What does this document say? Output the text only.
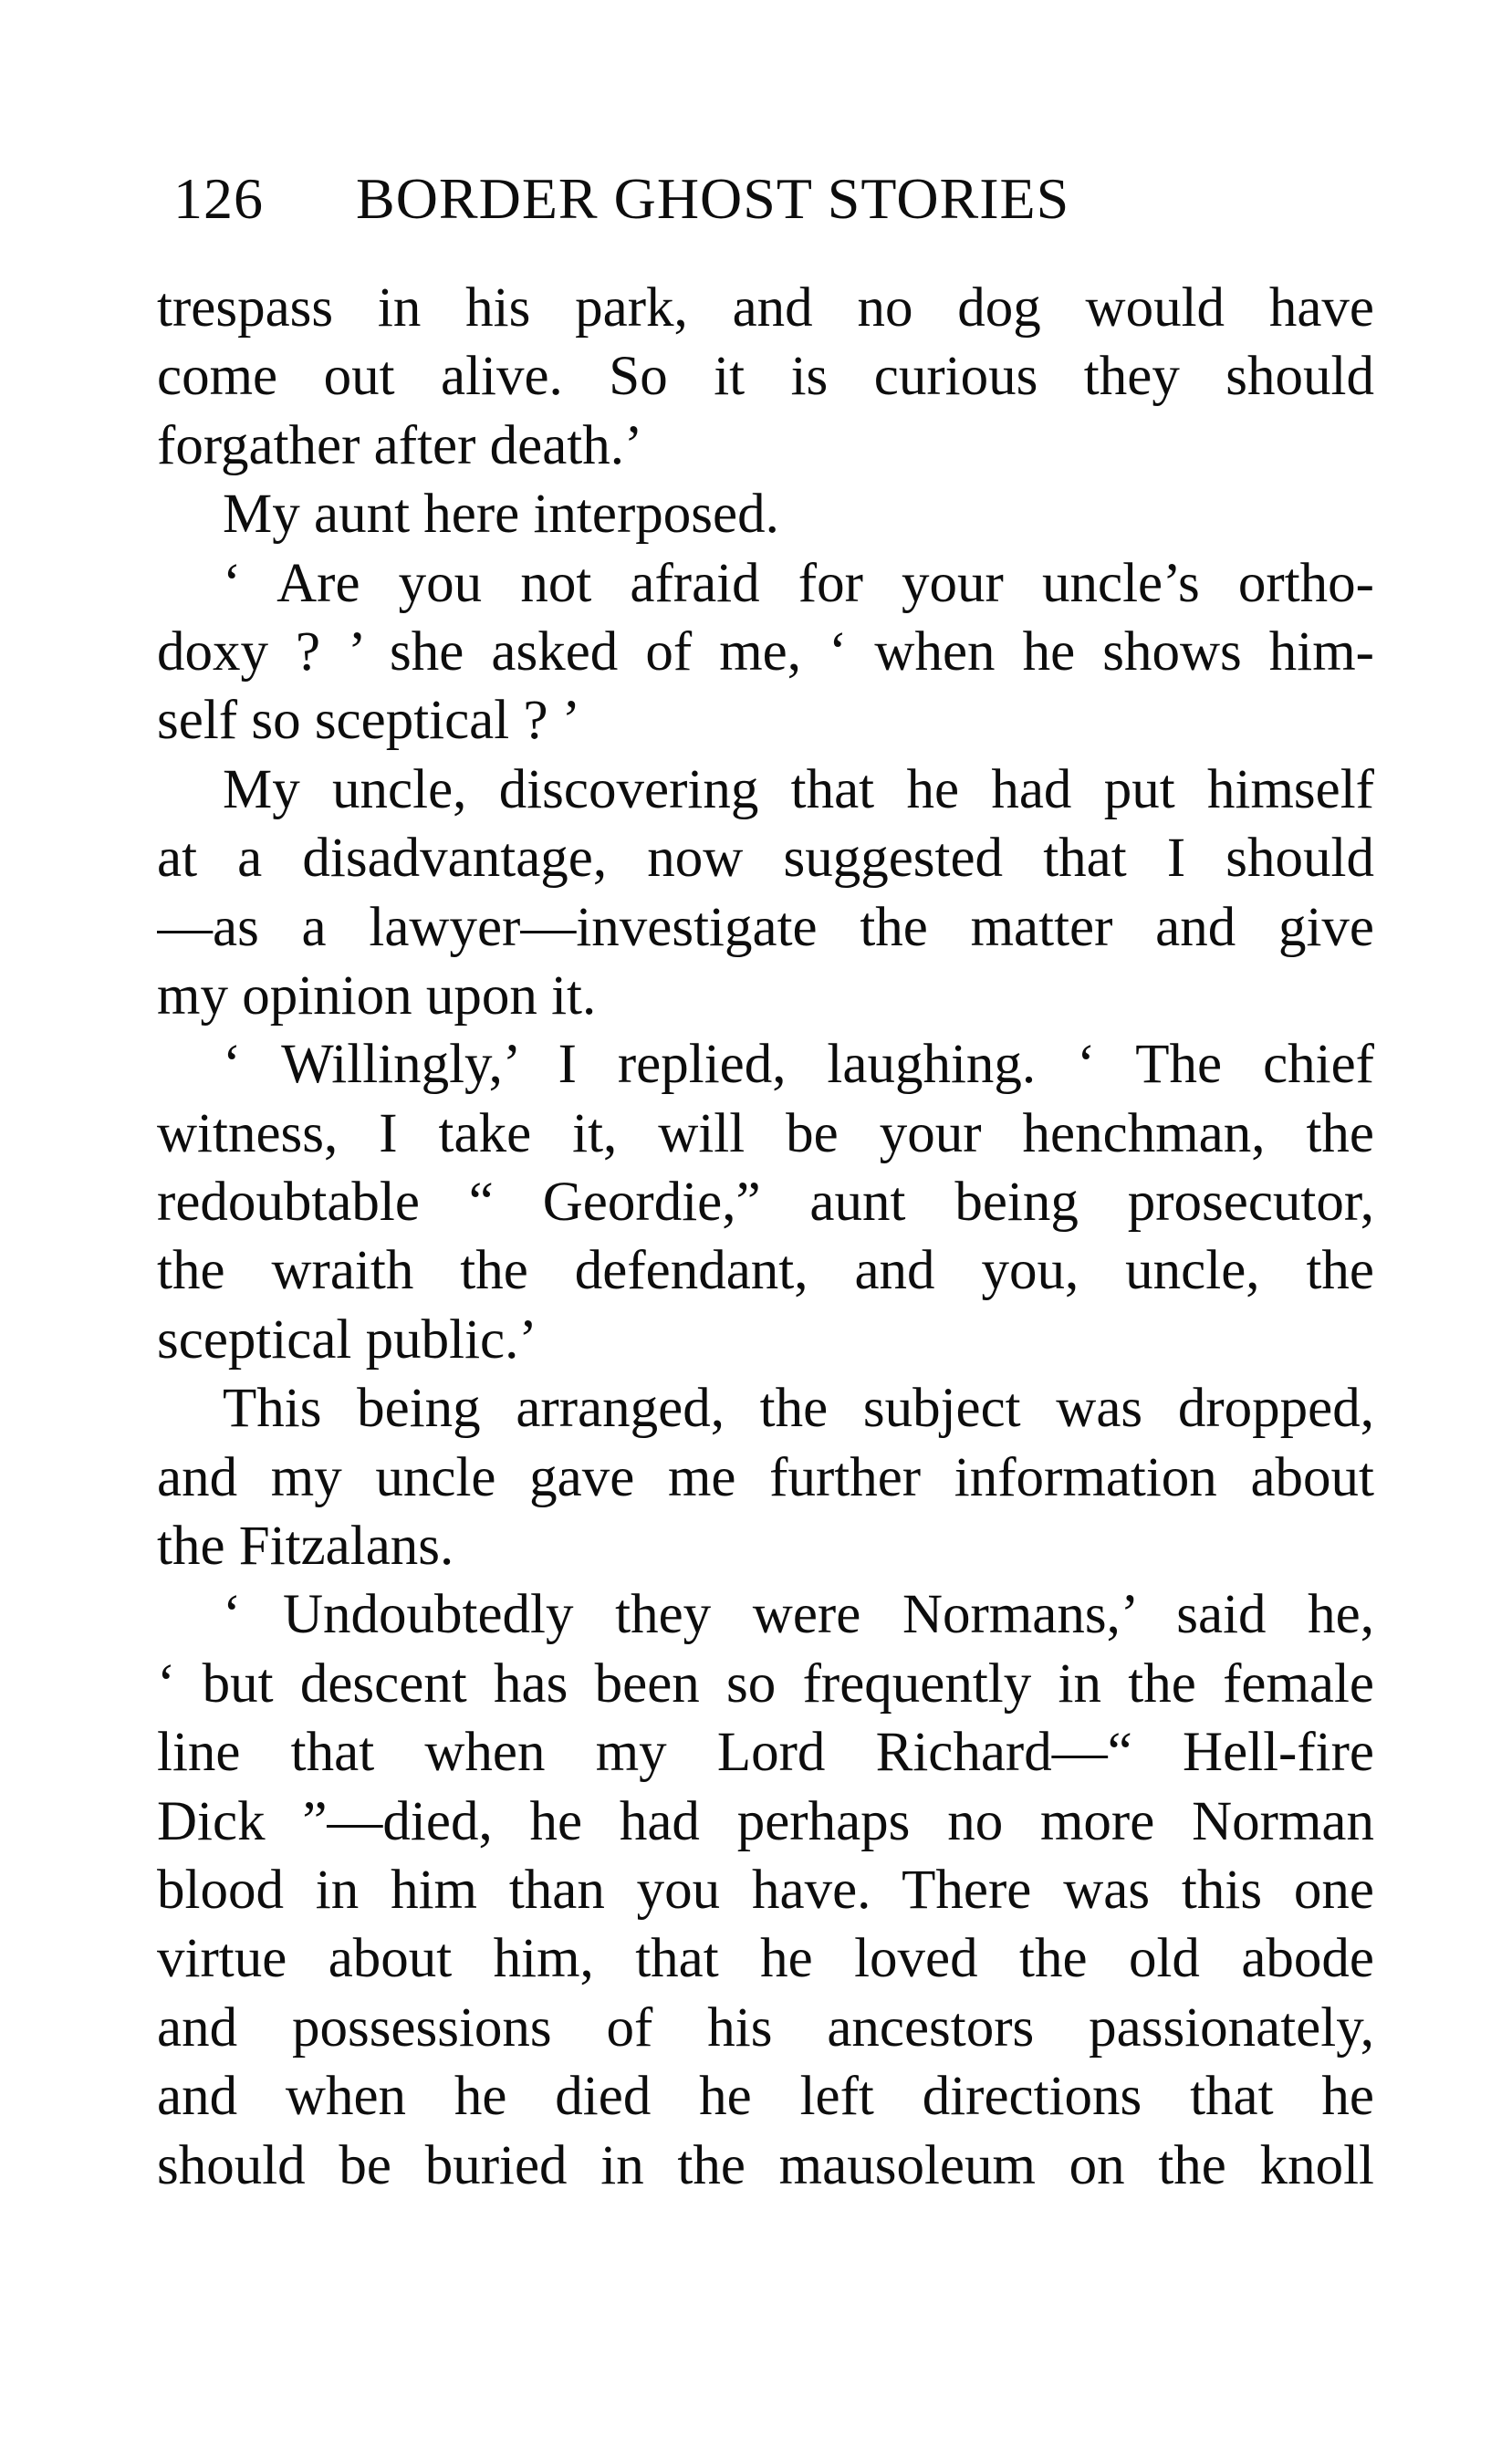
126 BORDER GHOST STORIES
trespass in his park, and no dog would have
come out alive. So it is curious they should
forgather after death.’
My aunt here interposed.
‘ Are you not afraid for your uncle’s ortho-
doxy ? ’ she asked of me, ‘ when he shows him-
self so sceptical ? ’
My uncle, discovering that he had put himself
at a disadvantage, now suggested that I should
—as a lawyer—investigate the matter and give
my opinion upon it.
‘ Willingly,’ I replied, laughing. ‘ The chief
witness, I take it, will be your henchman, the
redoubtable “ Geordie,” aunt being prosecutor,
the wraith the defendant, and you, uncle, the
sceptical public.’
This being arranged, the subject was dropped,
and my uncle gave me further information about
the Fitzalans.
‘ Undoubtedly they were Normans,’ said he,
‘ but descent has been so frequently in the female
line that when my Lord Richard—“ Hell-fire
Dick ”—died, he had perhaps no more Norman
blood in him than you have. There was this one
virtue about him, that he loved the old abode
and possessions of his ancestors passionately,
and when he died he left directions that he
should be buried in the mausoleum on the knoll
